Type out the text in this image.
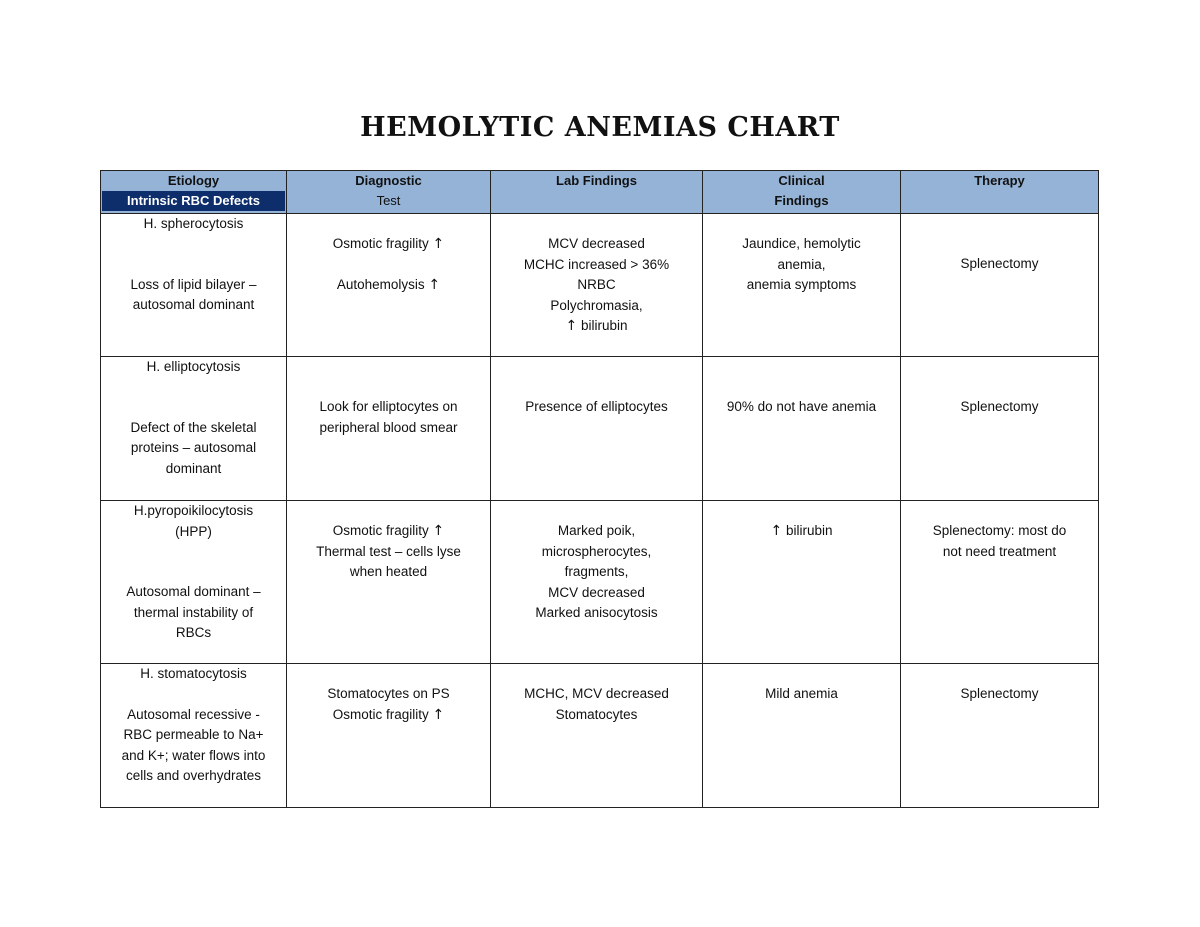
HEMOLYTIC ANEMIAS CHART
Etiology
Intrinsic RBC Defects	Diagnostic
Test	Lab Findings	Clinical
Findings	Therapy

H. spherocytosis
Loss of lipid bilayer –
autosomal dominant	Osmotic fragility ↑
Autohemolysis ↑	MCV decreased
MCHC increased > 36%
NRBC
Polychromasia,
↑ bilirubin	Jaundice, hemolytic
anemia,
anemia symptoms	Splenectomy

H. elliptocytosis
Defect of the skeletal
proteins – autosomal
dominant	Look for elliptocytes on
peripheral blood smear	Presence of elliptocytes	90% do not have anemia	Splenectomy

H.pyropoikilocytosis
(HPP)
Autosomal dominant –
thermal instability of
RBCs	Osmotic fragility ↑
Thermal test – cells lyse
when heated	Marked poik,
microspherocytes,
fragments,
MCV decreased
Marked anisocytosis	↑ bilirubin	Splenectomy: most do
not need treatment

H. stomatocytosis
Autosomal recessive -
RBC permeable to Na+
and K+; water flows into
cells and overhydrates	Stomatocytes on PS
Osmotic fragility ↑	MCHC, MCV decreased
Stomatocytes	Mild anemia	Splenectomy
